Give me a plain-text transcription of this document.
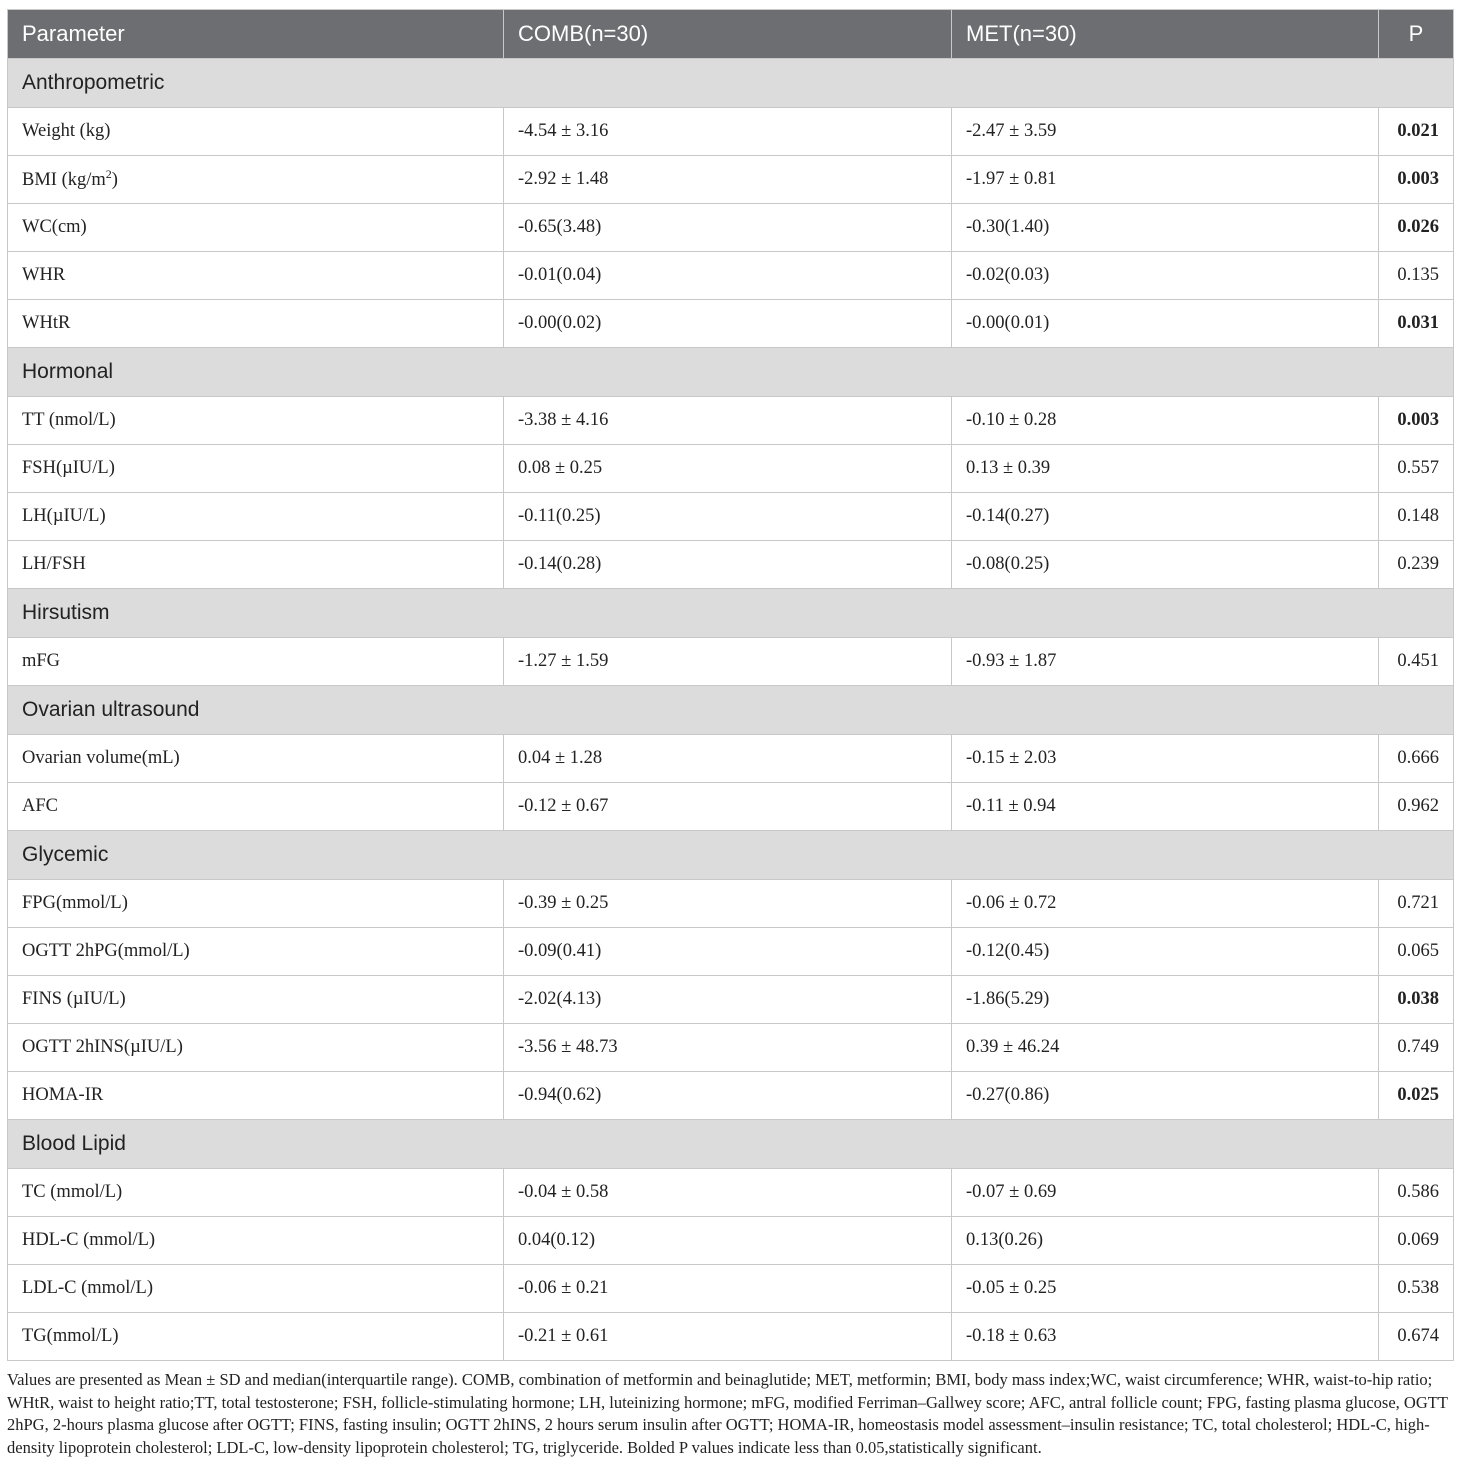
Parameter	COMB(n=30)	MET(n=30)	P
Anthropometric			
Weight (kg)	-4.54 ± 3.16	-2.47 ± 3.59	0.021
BMI $(kg/m^2)$	-2.92 ± 1.48	-1.97 ± 0.81	0.003
WC(cm)	-0.65(3.48)	-0.30(1.40)	0.026
WHR	-0.01(0.04)	-0.02(0.03)	0.135
WHtR	-0.00(0.02)	-0.00(0.01)	0.031
Hormonal			
TT (nmol/L)	-3.38 ± 4.16	-0.10 ± 0.28	0.003
FSH(µIU/L)	0.08 ± 0.25	0.13 ± 0.39	0.557
LH(µIU/L)	-0.11(0.25)	-0.14(0.27)	0.148
LH/FSH	-0.14(0.28)	-0.08(0.25)	0.239
Hirsutism			
mFG	-1.27 ± 1.59	-0.93 ± 1.87	0.451
Ovarian ultrasound			
Ovarian volume(mL)	0.04 ± 1.28	-0.15 ± 2.03	0.666
AFC	-0.12 ± 0.67	-0.11 ± 0.94	0.962
Glycemic			
FPG(mmol/L)	-0.39 ± 0.25	-0.06 ± 0.72	0.721
OGTT 2hPG(mmol/L)	-0.09(0.41)	-0.12(0.45)	0.065
FINS (µIU/L)	-2.02(4.13)	-1.86(5.29)	0.038
OGTT 2hINS(µIU/L)	-3.56 ± 48.73	0.39 ± 46.24	0.749
HOMA-IR	-0.94(0.62)	-0.27(0.86)	0.025
Blood Lipid			
TC (mmol/L)	-0.04 ± 0.58	-0.07 ± 0.69	0.586
HDL-C (mmol/L)	0.04(0.12)	0.13(0.26)	0.069
LDL-C (mmol/L)	-0.06 ± 0.21	-0.05 ± 0.25	0.538
TG(mmol/L)	-0.21 ± 0.61	-0.18 ± 0.63	0.674
Values are presented as Mean ± SD and median(interquartile range). COMB, combination of metformin and beinaglutide; MET, metformin; BMI, body mass index;WC, waist circumference; WHR, waist-to-hip ratio; WHtR, waist to height ratio;TT, total testosterone; FSH, follicle-stimulating hormone; LH, luteinizing hormone; mFG, modified Ferriman–Gallwey score; AFC, antral follicle count; FPG, fasting plasma glucose, OGTT 2hPG, 2-hours plasma glucose after OGTT; FINS, fasting insulin; OGTT 2hINS, 2 hours serum insulin after OGTT; HOMA-IR, homeostasis model assessment–insulin resistance; TC, total cholesterol; HDL-C, high-density lipoprotein cholesterol; LDL-C, low-density lipoprotein cholesterol; TG, triglyceride. Bolded P values indicate less than 0.05,statistically significant.
